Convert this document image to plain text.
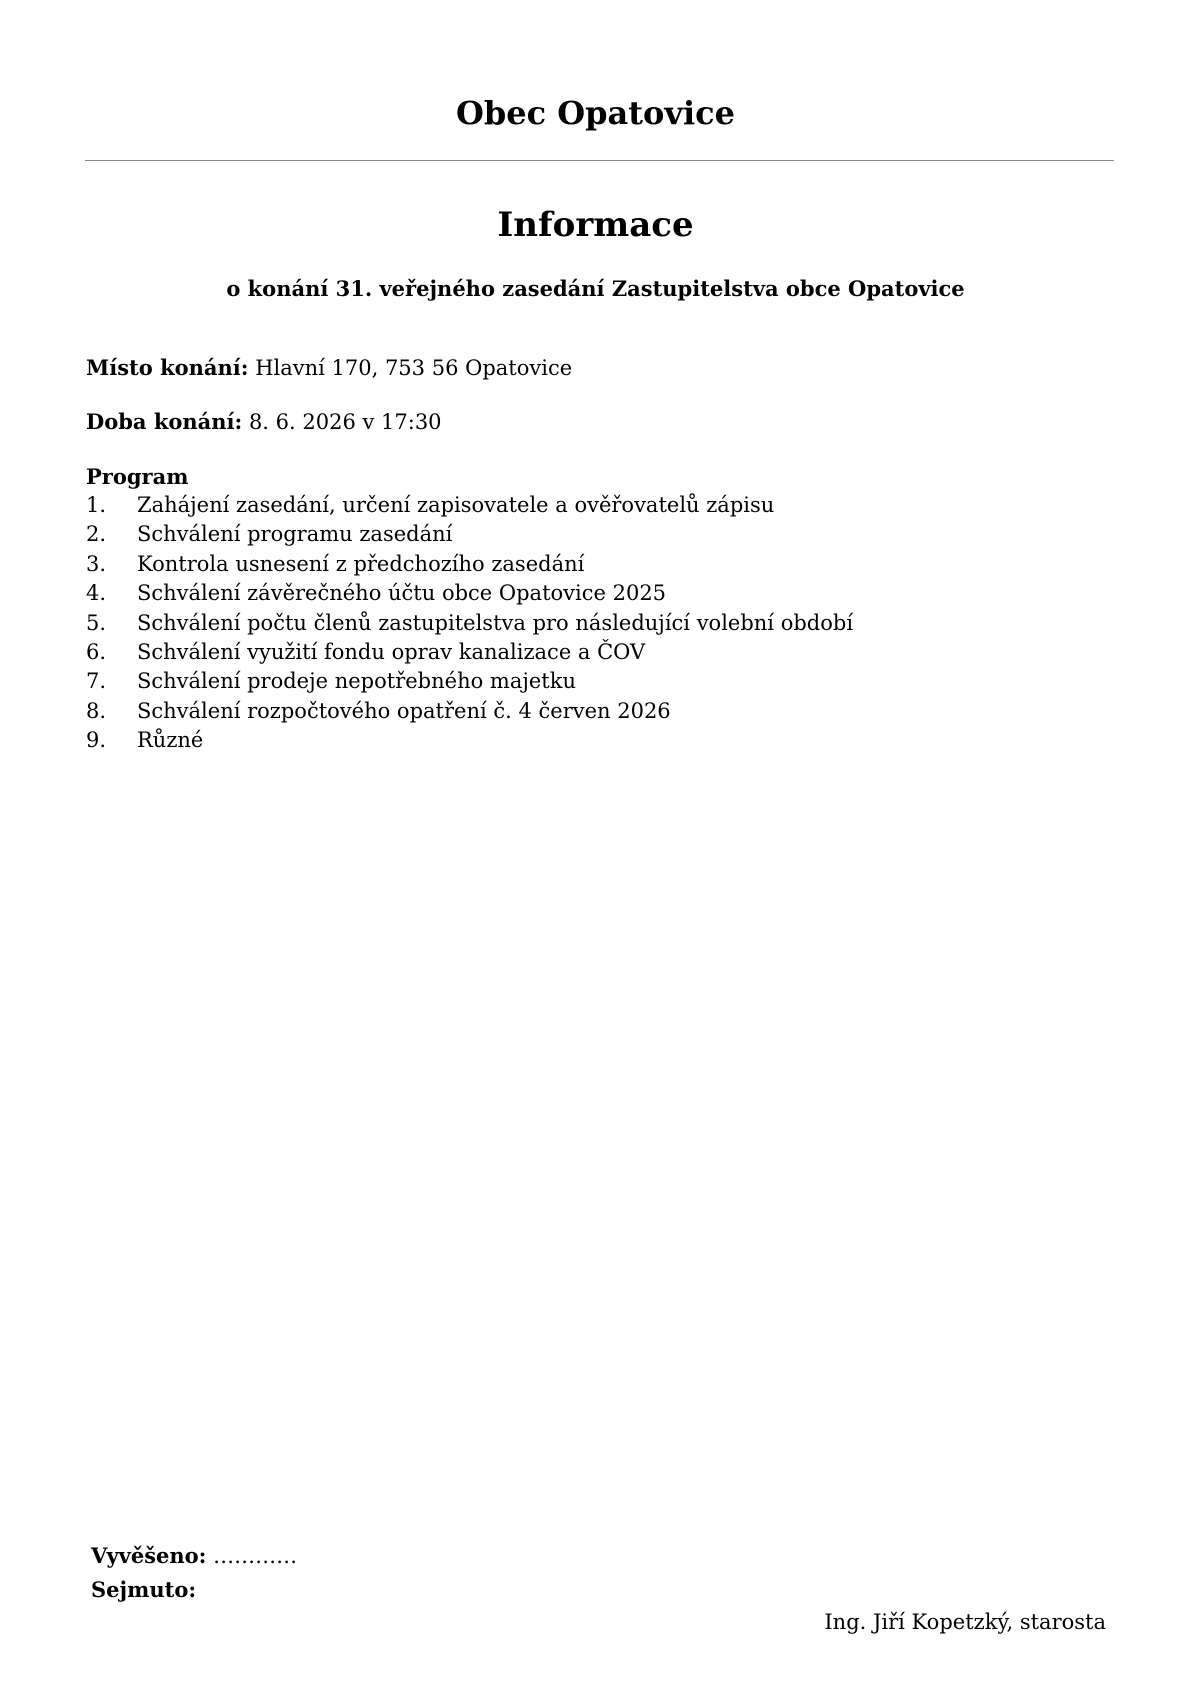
Obec Opatovice
Informace
o konání 31. veřejného zasedání Zastupitelstva obce Opatovice
Místo konání: Hlavní 170, 753 56 Opatovice
Doba konání: 8. 6. 2026 v 17:30
Program
1.	Zahájení zasedání, určení zapisovatele a ověřovatelů zápisu
2.	Schválení programu zasedání
3.	Kontrola usnesení z předchozího zasedání
4.	Schválení závěrečného účtu obce Opatovice 2025
5.	Schválení počtu členů zastupitelstva pro následující volební období
6.	Schválení využití fondu oprav kanalizace a ČOV
7.	Schválení prodeje nepotřebného majetku
8.	Schválení rozpočtového opatření č. 4 červen 2026
9.	Různé
Vyvěšeno: …………
Sejmuto:
Ing. Jiří Kopetzký, starosta
